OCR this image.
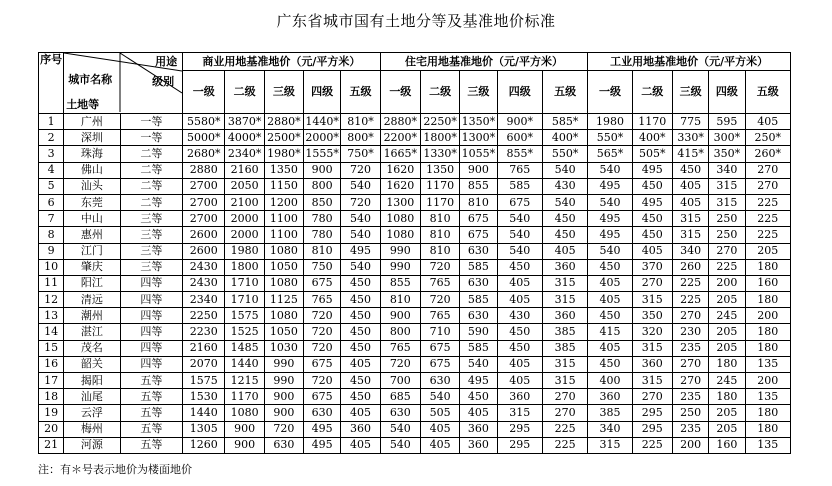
广东省城市国有土地分等及基准地价标准
序号	用途
级别
城市名称
土地等		商业用地基准地价（元/平方米）					住宅用地基准地价（元/平方米）					工业用地基准地价（元/平方米）				
			一级	二级	三级	四级	五级	一级	二级	三级	四级	五级	一级	二级	三级	四级	五级
1	广州	一等	5580*	3870*	2880*	1440*	810*	2880*	2250*	1350*	900*	585*	1980	1170	775	595	405
2	深圳	一等	5000*	4000*	2500*	2000*	800*	2200*	1800*	1300*	600*	400*	550*	400*	330*	300*	250*
3	珠海	二等	2680*	2340*	1980*	1555*	750*	1665*	1330*	1055*	855*	550*	565*	505*	415*	350*	260*
4	佛山	二等	2880	2160	1350	900	720	1620	1350	900	765	540	540	495	450	340	270
5	汕头	二等	2700	2050	1150	800	540	1620	1170	855	585	430	495	450	405	315	270
6	东莞	二等	2700	2100	1200	850	720	1300	1170	810	675	540	540	495	405	315	225
7	中山	三等	2700	2000	1100	780	540	1080	810	675	540	450	495	450	315	250	225
8	惠州	三等	2600	2000	1100	780	540	1080	810	675	540	450	495	450	315	250	225
9	江门	三等	2600	1980	1080	810	495	990	810	630	540	405	540	405	340	270	205
10	肇庆	三等	2430	1800	1050	750	540	990	720	585	450	360	450	370	260	225	180
11	阳江	四等	2430	1710	1080	675	450	855	765	630	405	315	405	270	225	200	160
12	清远	四等	2340	1710	1125	765	450	810	720	585	405	315	405	315	225	205	180
13	潮州	四等	2250	1575	1080	720	450	900	765	630	430	360	450	350	270	245	200
14	湛江	四等	2230	1525	1050	720	450	800	710	590	450	385	415	320	230	205	180
15	茂名	四等	2160	1485	1030	720	450	765	675	585	450	385	405	315	235	205	180
16	韶关	四等	2070	1440	990	675	405	720	675	540	405	315	450	360	270	180	135
17	揭阳	五等	1575	1215	990	720	450	700	630	495	405	315	400	315	270	245	200
18	汕尾	五等	1530	1170	900	675	450	685	540	450	360	270	360	270	235	180	135
19	云浮	五等	1440	1080	900	630	405	630	505	405	315	270	385	295	250	205	180
20	梅州	五等	1305	900	720	495	360	540	405	360	295	225	340	295	235	205	180
21	河源	五等	1260	900	630	495	405	540	405	360	295	225	315	225	200	160	135
注：有＊号表示地价为楼面地价
